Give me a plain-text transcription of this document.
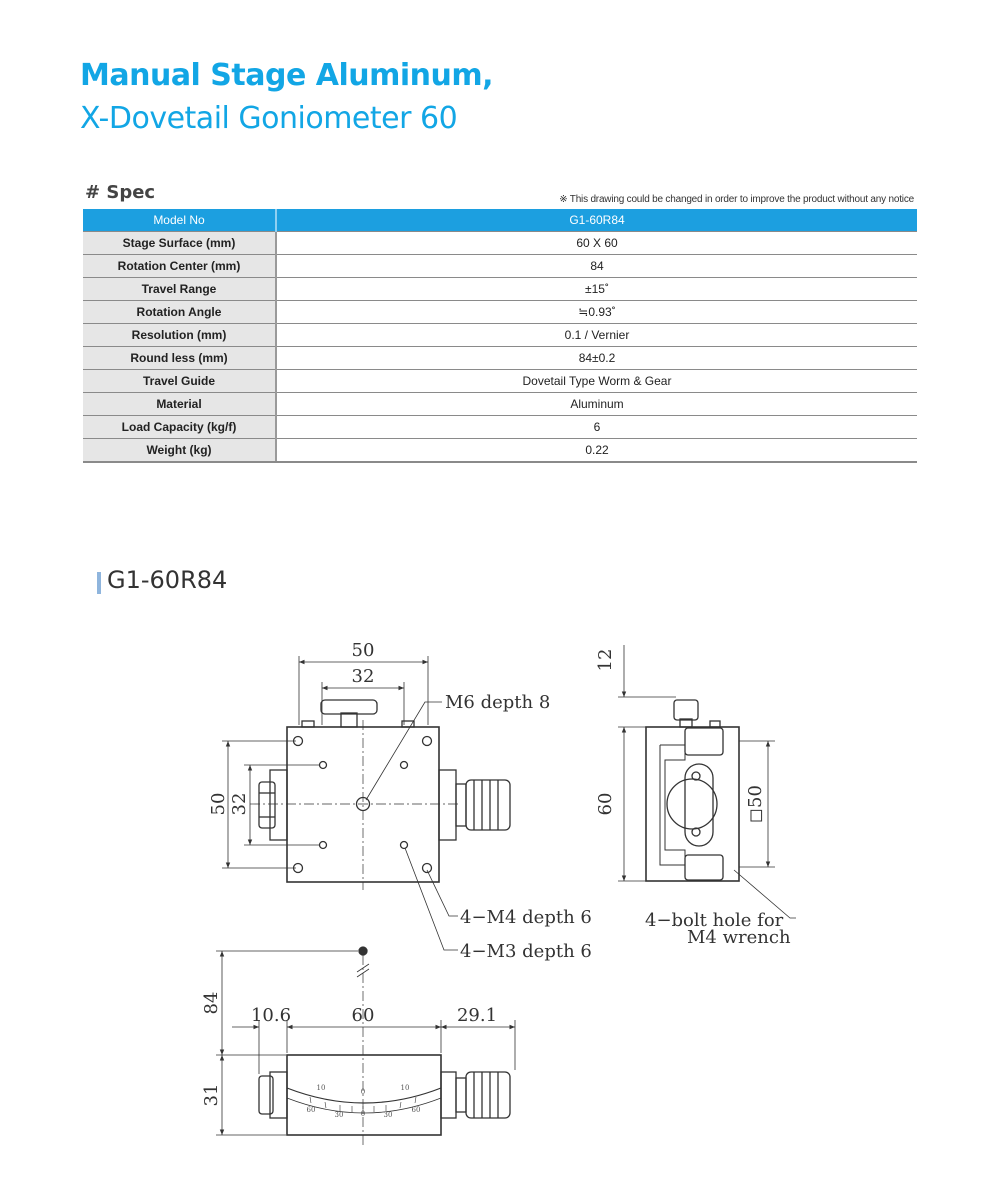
Manual Stage Aluminum,
X-Dovetail Goniometer 60
# Spec	※ This drawing could be changed in order to improve the product without any notice
Model No	G1-60R84
Stage Surface (mm)	60 X 60
Rotation Center (mm)	84
Travel Range	±15˚
Rotation Angle	≒0.93˚
Resolution (mm)	0.1 / Vernier
Round less (mm)	84±0.2
Travel Guide	Dovetail Type Worm & Gear
Material	Aluminum
Load Capacity (kg/f)	6
Weight (kg)	0.22
G1-60R84
50
32
50 32
M6 depth 8
4−M4 depth 6
4−M3 depth 6
12
60	◻50
4−bolt hole for
M4 wrench
84
10.6	60	29.1
31	10	0	10
60
30 0	30
60
